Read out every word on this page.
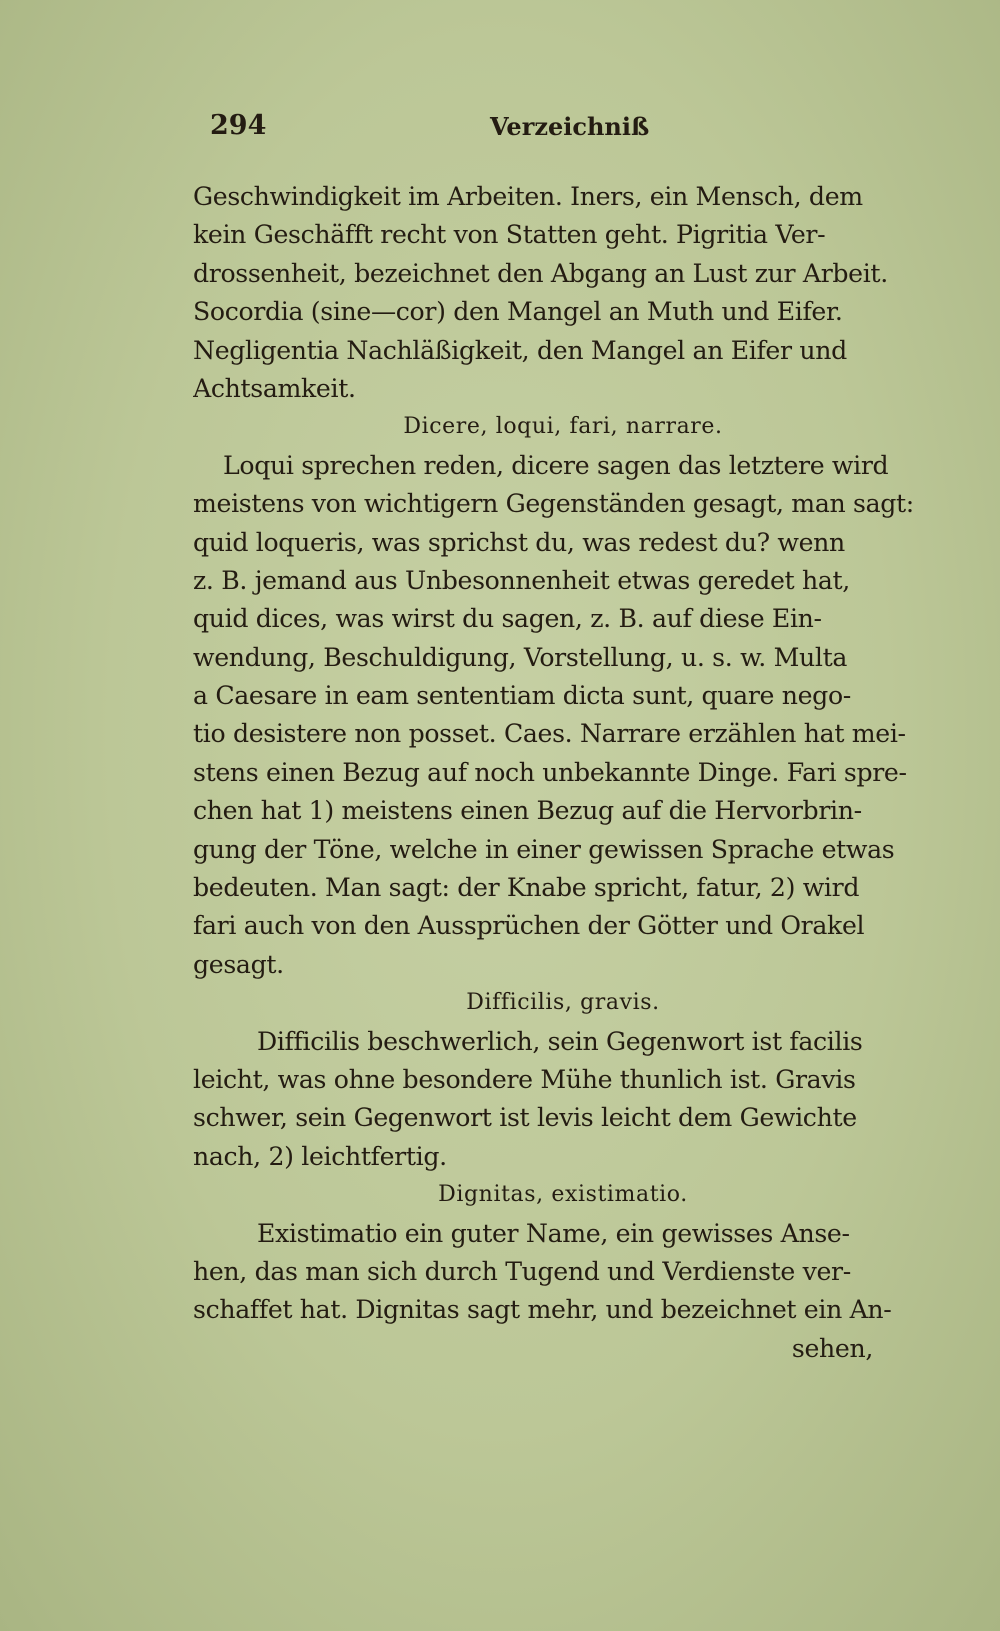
294	Verzeichniß
Geschwindigkeit im Arbeiten. Iners, ein Mensch, dem
kein Geschäfft recht von Statten geht. Pigritia Ver-
drossenheit, bezeichnet den Abgang an Lust zur Arbeit.
Socordia (sine—cor) den Mangel an Muth und Eifer.
Negligentia Nachläßigkeit, den Mangel an Eifer und
Achtsamkeit.
Dicere, loqui, fari, narrare.
Loqui sprechen reden, dicere sagen das letztere wird
meistens von wichtigern Gegenständen gesagt, man sagt:
quid loqueris, was sprichst du, was redest du? wenn
z. B. jemand aus Unbesonnenheit etwas geredet hat,
quid dices, was wirst du sagen, z. B. auf diese Ein-
wendung, Beschuldigung, Vorstellung, u. s. w. Multa
a Caesare in eam sententiam dicta sunt, quare nego-
tio desistere non posset. Caes. Narrare erzählen hat mei-
stens einen Bezug auf noch unbekannte Dinge. Fari spre-
chen hat 1) meistens einen Bezug auf die Hervorbrin-
gung der Töne, welche in einer gewissen Sprache etwas
bedeuten. Man sagt: der Knabe spricht, fatur, 2) wird
fari auch von den Aussprüchen der Götter und Orakel
gesagt.
Difficilis, gravis.
Difficilis beschwerlich, sein Gegenwort ist facilis
leicht, was ohne besondere Mühe thunlich ist. Gravis
schwer, sein Gegenwort ist levis leicht dem Gewichte
nach, 2) leichtfertig.
Dignitas, existimatio.
Existimatio ein guter Name, ein gewisses Anse-
hen, das man sich durch Tugend und Verdienste ver-
schaffet hat. Dignitas sagt mehr, und bezeichnet ein An-
sehen,
